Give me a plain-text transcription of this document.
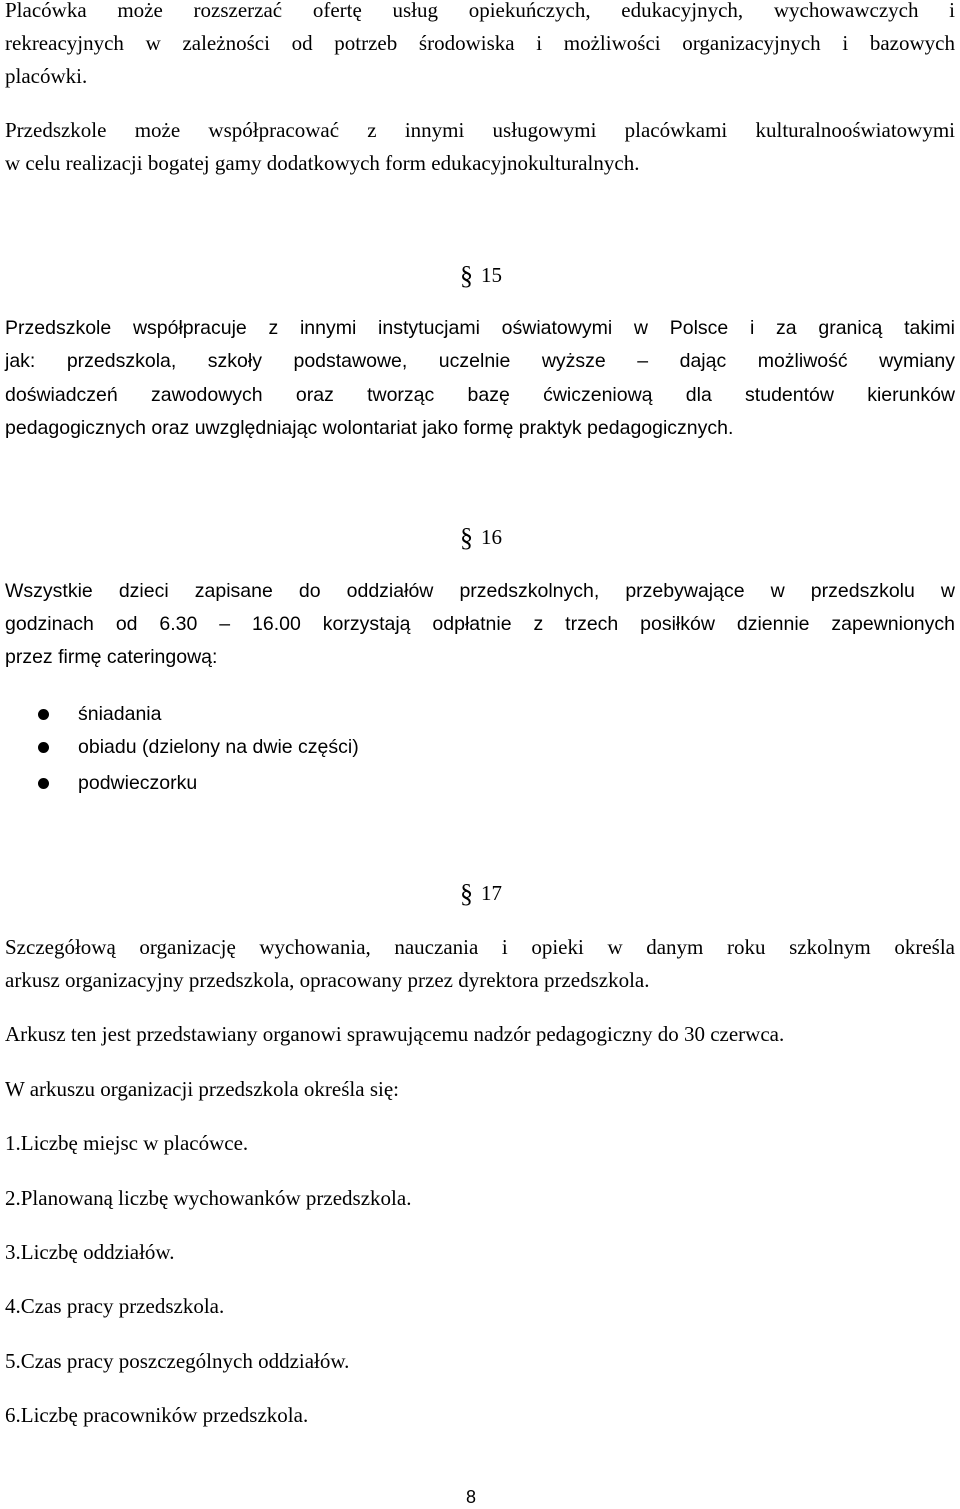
Placówka może rozszerzać ofertę usług opiekuńczych, edukacyjnych, wychowawczych i
rekreacyjnych w zależności od potrzeb środowiska i możliwości organizacyjnych i bazowych
placówki.
Przedszkole może współpracować z innymi usługowymi placówkami kulturalnooświatowymi
w celu realizacji bogatej gamy dodatkowych form edukacyjnokulturalnych.
§ 15
Przedszkole współpracuje z innymi instytucjami oświatowymi w Polsce i za granicą takimi
jak: przedszkola, szkoły podstawowe, uczelnie wyższe – dając możliwość wymiany
doświadczeń zawodowych oraz tworząc bazę ćwiczeniową dla studentów kierunków
pedagogicznych oraz uwzględniając wolontariat jako formę praktyk pedagogicznych.
§ 16
Wszystkie dzieci zapisane do oddziałów przedszkolnych, przebywające w przedszkolu w
godzinach od 6.30 – 16.00 korzystają odpłatnie z trzech posiłków dziennie zapewnionych
przez firmę cateringową:
śniadania
obiadu (dzielony na dwie części)
podwieczorku
§ 17
Szczegółową organizację wychowania, nauczania i opieki w danym roku szkolnym określa
arkusz organizacyjny przedszkola, opracowany przez dyrektora przedszkola.
Arkusz ten jest przedstawiany organowi sprawującemu nadzór pedagogiczny do 30 czerwca.
W arkuszu organizacji przedszkola określa się:
1.Liczbę miejsc w placówce.
2.Planowaną liczbę wychowanków przedszkola.
3.Liczbę oddziałów.
4.Czas pracy przedszkola.
5.Czas pracy poszczególnych oddziałów.
6.Liczbę pracowników przedszkola.
8
